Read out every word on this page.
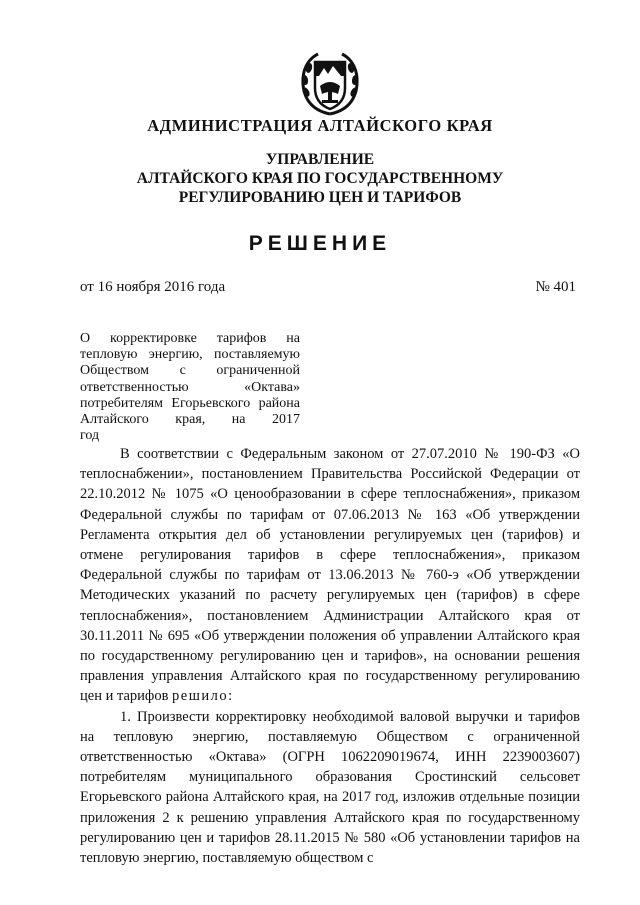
АДМИНИСТРАЦИЯ АЛТАЙСКОГО КРАЯ
УПРАВЛЕНИЕ
АЛТАЙСКОГО КРАЯ ПО ГОСУДАРСТВЕННОМУ
РЕГУЛИРОВАНИЮ ЦЕН И ТАРИФОВ
РЕШЕНИЕ
от 16 ноября 2016 года	№ 401
О корректировке тарифов на тепловую энергию, поставляемую Обществом с ограниченной ответственностью «Октава» потребителям Егорьевского района Алтайского края, на 2017
год

В соответствии с Федеральным законом от 27.07.2010 № 190-ФЗ «О теплоснабжении», постановлением Правительства Российской Федерации от 22.10.2012 № 1075 «О ценообразовании в сфере теплоснабжения», приказом Федеральной службы по тарифам от 07.06.2013 № 163 «Об утверждении Регламента открытия дел об установлении регулируемых цен (тарифов) и отмене регулирования тарифов в сфере теплоснабжения», приказом Федеральной службы по тарифам от 13.06.2013 № 760-э «Об утверждении Методических указаний по расчету регулируемых цен (тарифов) в сфере теплоснабжения», постановлением Администрации Алтайского края от 30.11.2011 № 695 «Об утверждении положения об управлении Алтайского края по государственному регулированию цен и тарифов», на основании решения правления управления Алтайского края по государственному регулированию цен и тарифов решило:

1. Произвести корректировку необходимой валовой выручки и тарифов на тепловую энергию, поставляемую Обществом с ограниченной ответственностью «Октава» (ОГРН 1062209019674, ИНН 2239003607) потребителям муниципального образования Сростинский сельсовет Егорьевского района Алтайского края, на 2017 год, изложив отдельные позиции приложения 2 к решению управления Алтайского края по государственному регулированию цен и тарифов 28.11.2015 № 580 «Об установлении тарифов на тепловую энергию, поставляемую обществом с
